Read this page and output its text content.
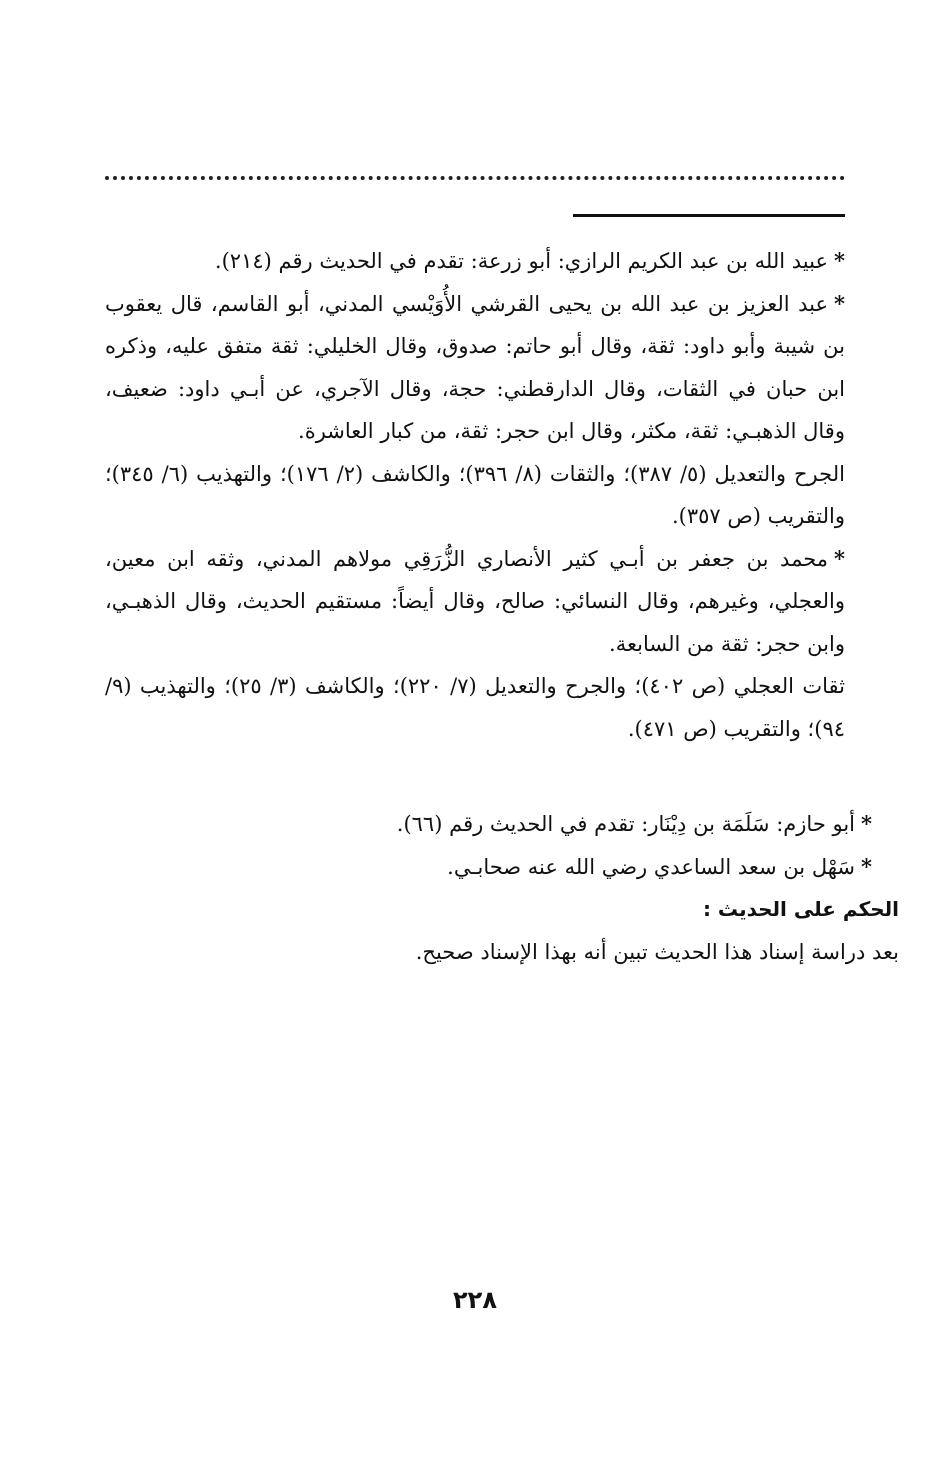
*عبيد الله بن عبد الكريم الرازي: أبو زرعة: تقدم في الحديث رقم (٢١٤).

*عبد العزيز بن عبد الله بن يحيى القرشي الأُوَيْسي المدني، أبو القاسم، قال يعقوب بن شيبة وأبو داود: ثقة، وقال أبو حاتم: صدوق، وقال الخليلي: ثقة متفق عليه، وذكره ابن حبان في الثقات، وقال الدارقطني: حجة، وقال الآجري، عن أبـي داود: ضعيف، وقال الذهبـي: ثقة، مكثر، وقال ابن حجر: ثقة، من كبار العاشرة.

الجرح والتعديل (٥/ ٣٨٧)؛ والثقات (٨/ ٣٩٦)؛ والكاشف (٢/ ١٧٦)؛ والتهذيب (٦/ ٣٤٥)؛ والتقريب (ص ٣٥٧).

*محمد بن جعفر بن أبـي كثير الأنصاري الزُّرَقِي مولاهم المدني، وثقه ابن معين، والعجلي، وغيرهم، وقال النسائي: صالح، وقال أيضاً: مستقيم الحديث، وقال الذهبـي، وابن حجر: ثقة من السابعة.

ثقات العجلي (ص ٤٠٢)؛ والجرح والتعديل (٧/ ٢٢٠)؛ والكاشف (٣/ ٢٥)؛ والتهذيب (٩/ ٩٤)؛ والتقريب (ص ٤٧١).

*أبو حازم: سَلَمَة بن دِيْنَار: تقدم في الحديث رقم (٦٦).

*سَهْل بن سعد الساعدي رضي الله عنه صحابـي.

الحكم على الحديث :

بعد دراسة إسناد هذا الحديث تبين أنه بهذا الإسناد صحيح.

٢٢٨
